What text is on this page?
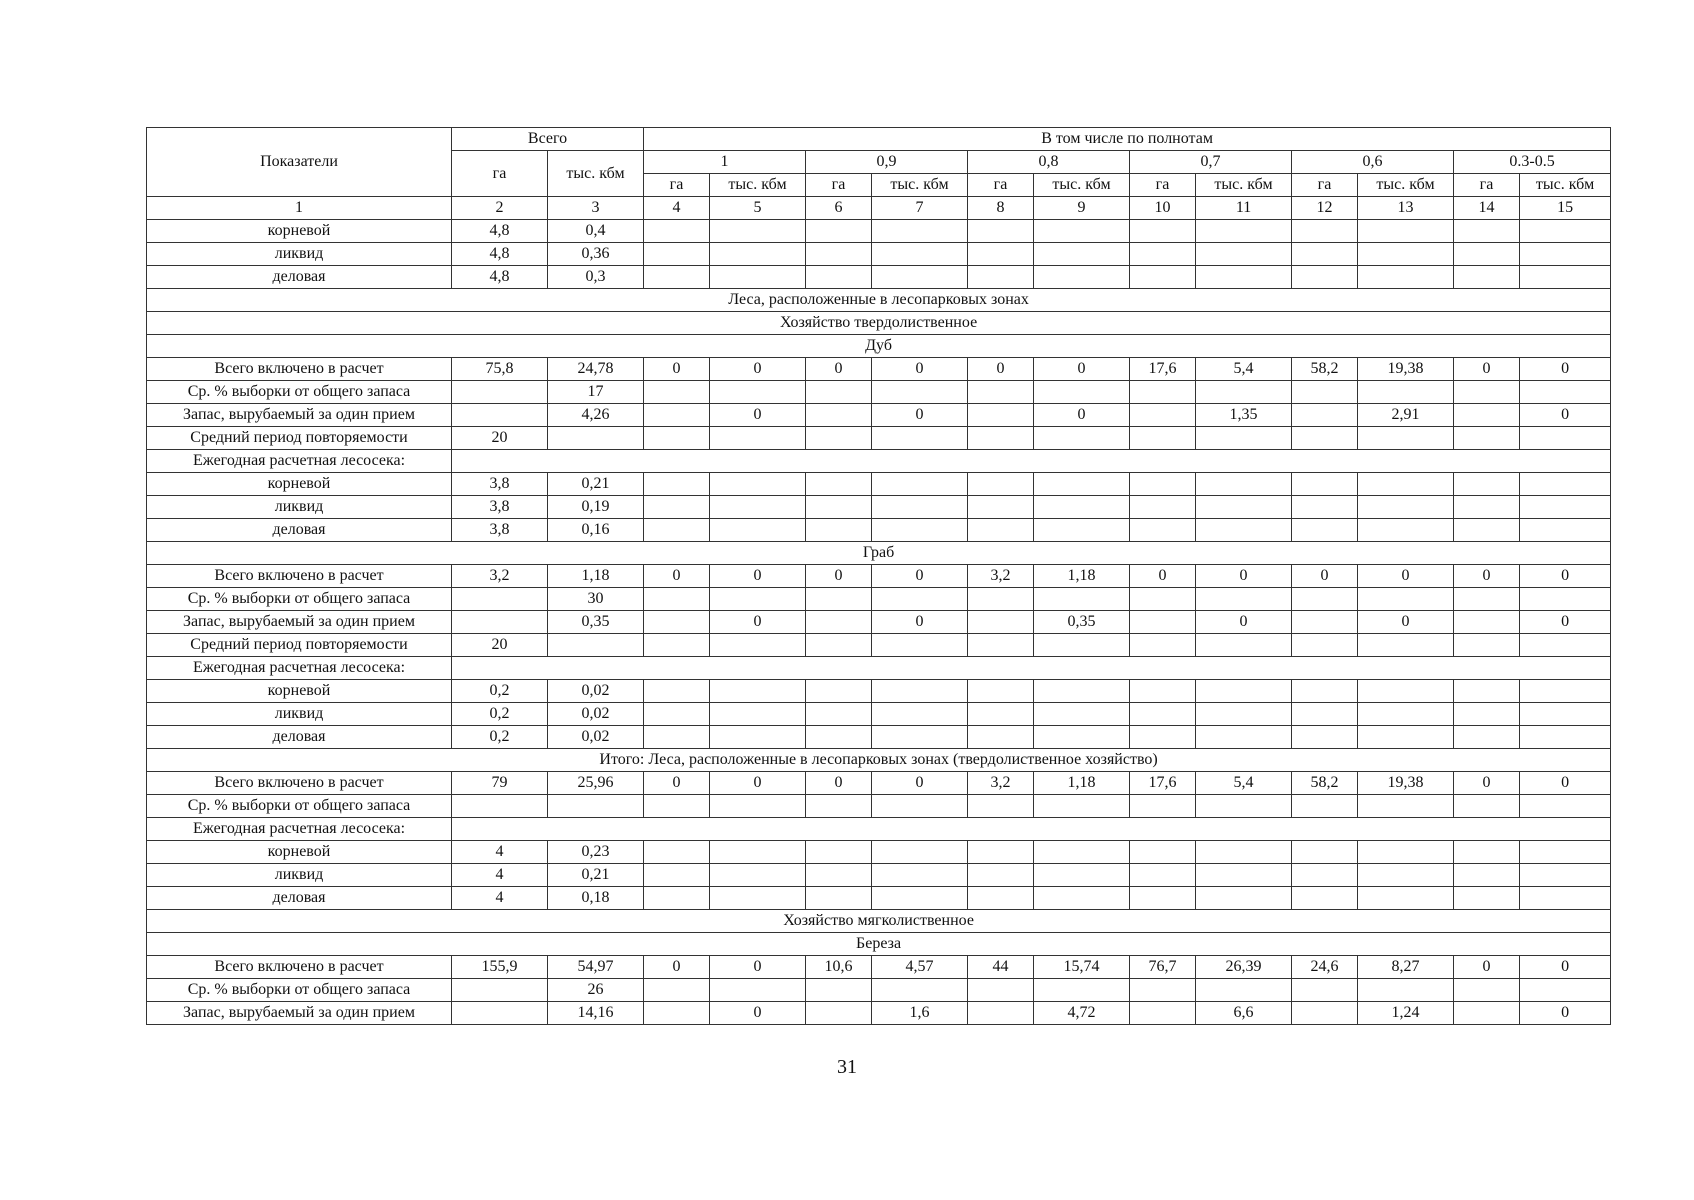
Показатели	Всего		В том числе по полнотам											
	га	тыс. кбм	1		0,9		0,8		0,7		0,6		0.3-0.5	
			га	тыс. кбм	га	тыс. кбм	га	тыс. кбм	га	тыс. кбм	га	тыс. кбм	га	тыс. кбм
1	2	3	4	5	6	7	8	9	10	11	12	13	14	15
корневой	4,8	0,4												
ликвид	4,8	0,36												
деловая	4,8	0,3												
Леса, расположенные в лесопарковых зонах														
Хозяйство твердолиственное														
Дуб														
Всего включено в расчет	75,8	24,78	0	0	0	0	0	0	17,6	5,4	58,2	19,38	0	0
Ср. % выборки от общего запаса		17												
Запас, вырубаемый за один прием		4,26		0		0		0		1,35		2,91		0
Средний период повторяемости	20													
Ежегодная расчетная лесосека:														
корневой	3,8	0,21												
ликвид	3,8	0,19												
деловая	3,8	0,16												
Граб														
Всего включено в расчет	3,2	1,18	0	0	0	0	3,2	1,18	0	0	0	0	0	0
Ср. % выборки от общего запаса		30												
Запас, вырубаемый за один прием		0,35		0		0		0,35		0		0		0
Средний период повторяемости	20													
Ежегодная расчетная лесосека:														
корневой	0,2	0,02												
ликвид	0,2	0,02												
деловая	0,2	0,02												
Итого: Леса, расположенные в лесопарковых зонах (твердолиственное хозяйство)														
Всего включено в расчет	79	25,96	0	0	0	0	3,2	1,18	17,6	5,4	58,2	19,38	0	0
Ср. % выборки от общего запаса														
Ежегодная расчетная лесосека:														
корневой	4	0,23												
ликвид	4	0,21												
деловая	4	0,18												
Хозяйство мягколиственное														
Береза														
Всего включено в расчет	155,9	54,97	0	0	10,6	4,57	44	15,74	76,7	26,39	24,6	8,27	0	0
Ср. % выборки от общего запаса		26												
Запас, вырубаемый за один прием		14,16		0		1,6		4,72		6,6		1,24		0
31
